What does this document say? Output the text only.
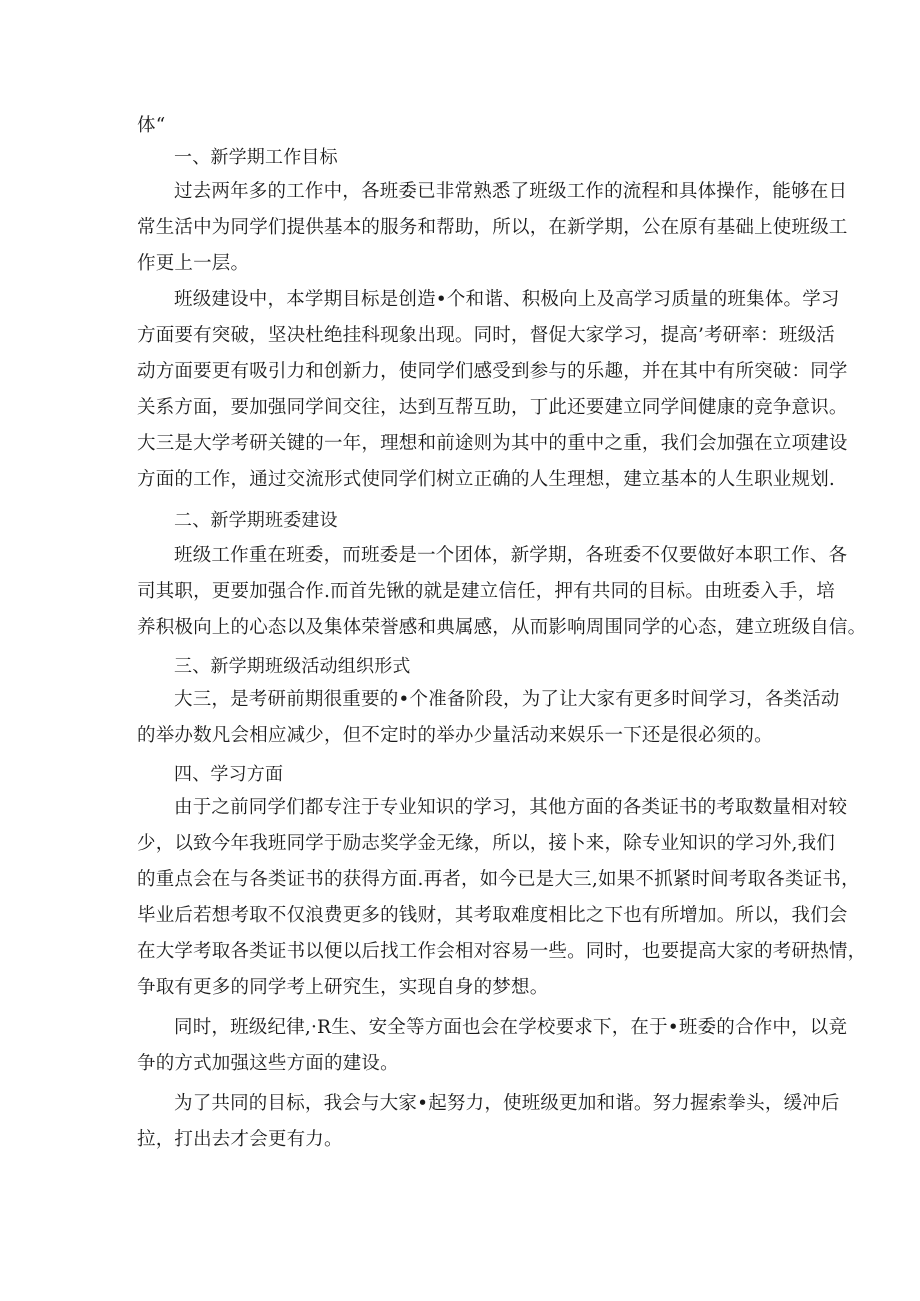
体“
一、新学期工作目标
过去两年多的工作中，各班委已非常熟悉了班级工作的流程和具体操作，能够在日
常生活中为同学们提供基本的服务和帮助，所以，在新学期，公在原有基础上使班级工
作更上一层。
班级建设中，本学期目标是创造•个和谐、积极向上及高学习质量的班集体。学习
方面要有突破，坚决杜绝挂科现象出现。同时，督促大家学习，提高’考研率：班级活
动方面要更有吸引力和创新力，使同学们感受到参与的乐趣，并在其中有所突破：同学
关系方面，要加强同学间交往，达到互帮互助，丁此还要建立同学间健康的竞争意识。
大三是大学考研关键的一年，理想和前途则为其中的重中之重，我们会加强在立项建设
方面的工作，通过交流形式使同学们树立正确的人生理想，建立基本的人生职业规划.
二、新学期班委建设
班级工作重在班委，而班委是一个团体，新学期，各班委不仅要做好本职工作、各
司其职，更要加强合作.而首先锹的就是建立信任，押有共同的目标。由班委入手，培
养积极向上的心态以及集体荣誉感和典属感，从而影响周围同学的心态，建立班级自信。
三、新学期班级活动组织形式
大三，是考研前期很重要的•个准备阶段，为了让大家有更多时间学习，各类活动
的举办数凡会相应减少，但不定时的举办少量活动来娱乐一下还是很必须的。
四、学习方面
由于之前同学们都专注于专业知识的学习，其他方面的各类证书的考取数量相对较
少，以致今年我班同学于励志奖学金无缘，所以，接卜来，除专业知识的学习外,我们
的重点会在与各类证书的获得方面.再者，如今已是大三,如果不抓紧时间考取各类证书，
毕业后若想考取不仅浪费更多的钱财，其考取难度相比之下也有所增加。所以，我们会
在大学考取各类证书以便以后找工作会相对容易一些。同时，也要提高大家的考研热情，
争取有更多的同学考上研究生，实现自身的梦想。
同时，班级纪律,·R生、安全等方面也会在学校要求下，在于•班委的合作中，以竞
争的方式加强这些方面的建设。
为了共同的目标，我会与大家•起努力，使班级更加和谐。努力握索拳头，缓冲后
拉，打出去才会更有力。
